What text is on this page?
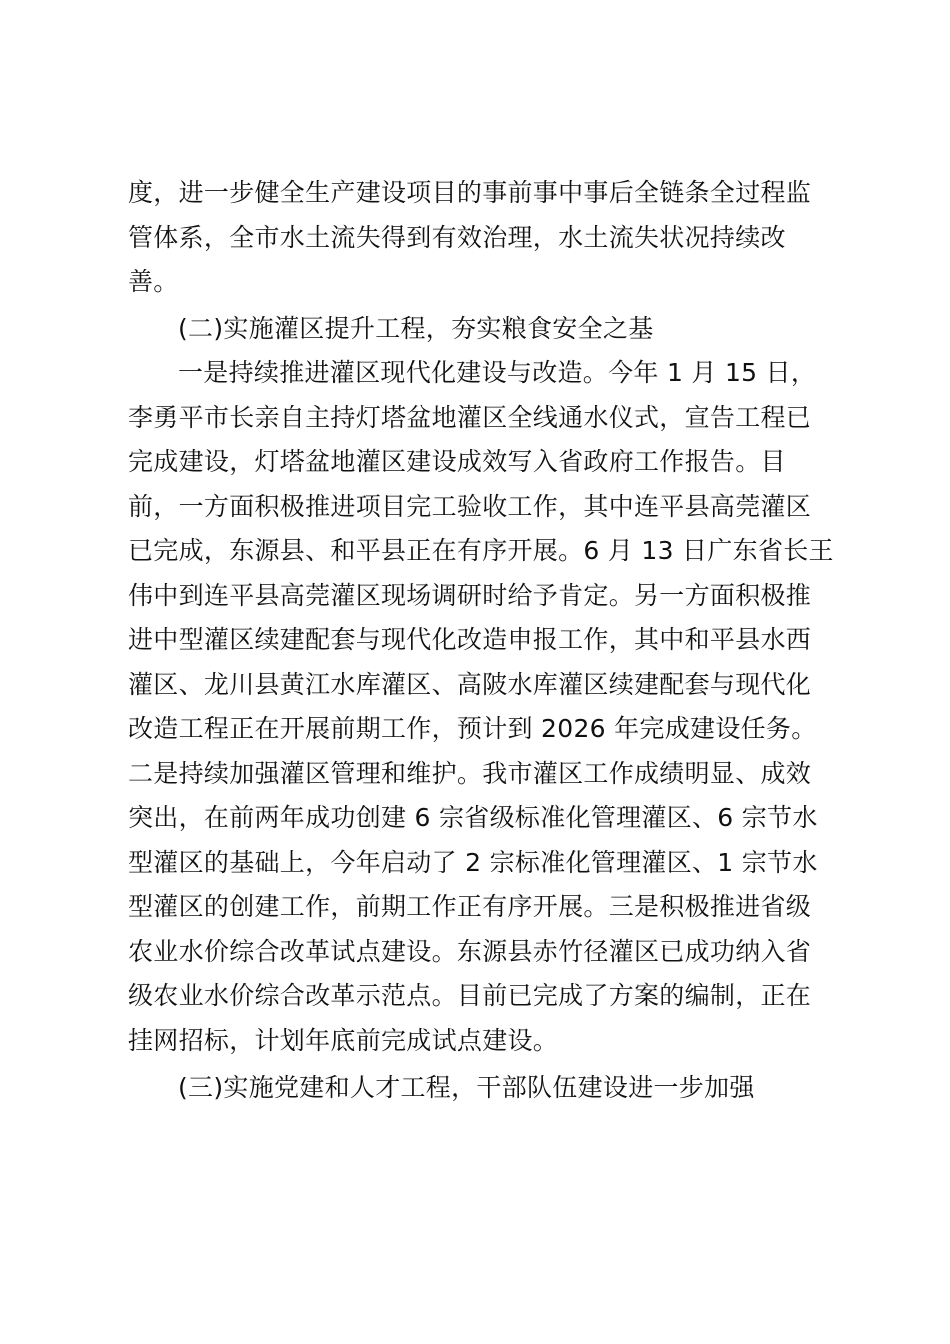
度，进一步健全生产建设项目的事前事中事后全链条全过程监
管体系，全市水土流失得到有效治理，水土流失状况持续改
善。
(二)实施灌区提升工程，夯实粮食安全之基
一是持续推进灌区现代化建设与改造。今年 1 月 15 日，
李勇平市长亲自主持灯塔盆地灌区全线通水仪式，宣告工程已
完成建设，灯塔盆地灌区建设成效写入省政府工作报告。目
前，一方面积极推进项目完工验收工作，其中连平县高莞灌区
已完成，东源县、和平县正在有序开展。6 月 13 日广东省长王
伟中到连平县高莞灌区现场调研时给予肯定。另一方面积极推
进中型灌区续建配套与现代化改造申报工作，其中和平县水西
灌区、龙川县黄江水库灌区、高陂水库灌区续建配套与现代化
改造工程正在开展前期工作，预计到 2026 年完成建设任务。
二是持续加强灌区管理和维护。我市灌区工作成绩明显、成效
突出，在前两年成功创建 6 宗省级标准化管理灌区、6 宗节水
型灌区的基础上，今年启动了 2 宗标准化管理灌区、1 宗节水
型灌区的创建工作，前期工作正有序开展。三是积极推进省级
农业水价综合改革试点建设。东源县赤竹径灌区已成功纳入省
级农业水价综合改革示范点。目前已完成了方案的编制，正在
挂网招标，计划年底前完成试点建设。
(三)实施党建和人才工程，干部队伍建设进一步加强
